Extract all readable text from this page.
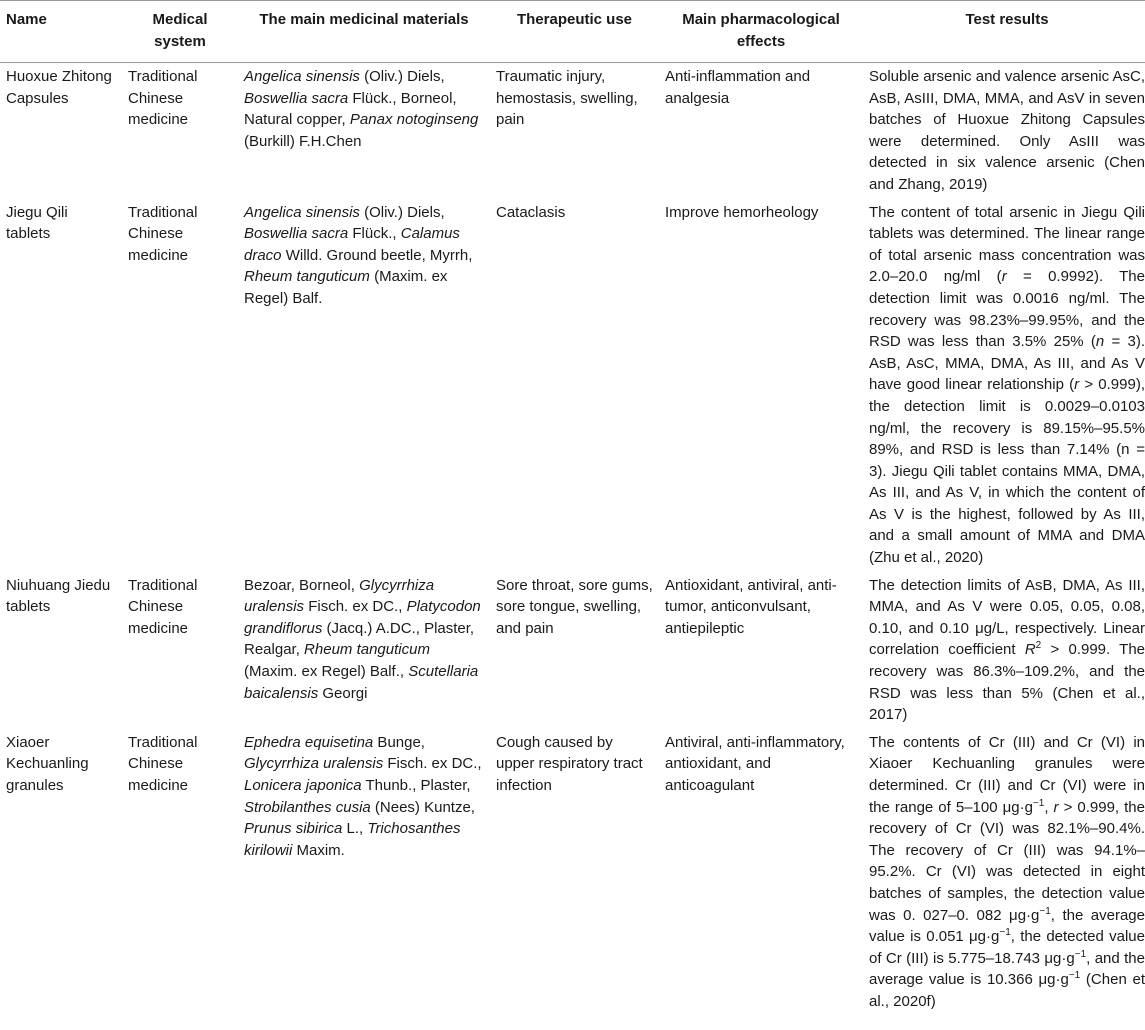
Name	Medical system	The main medicinal materials	Therapeutic use	Main pharmacological effects	Test results
Huoxue Zhitong Capsules	Traditional Chinese medicine	Angelica sinensis (Oliv.) Diels, Boswellia sacra Flück., Borneol, Natural copper, Panax notoginseng (Burkill) F.H.Chen	Traumatic injury, hemostasis, swelling, pain	Anti-inflammation and analgesia	Soluble arsenic and valence arsenic AsC, AsB, AsIII, DMA, MMA, and AsV in seven batches of Huoxue Zhitong Capsules were determined. Only AsIII was detected in six valence arsenic (Chen and Zhang, 2019)
Jiegu Qili tablets	Traditional Chinese medicine	Angelica sinensis (Oliv.) Diels, Boswellia sacra Flück., Calamus draco Willd. Ground beetle, Myrrh, Rheum tanguticum (Maxim. ex Regel) Balf.	Cataclasis	Improve hemorheology	The content of total arsenic in Jiegu Qili tablets was determined. The linear range of total arsenic mass concentration was 2.0–20.0 ng/ml (r = 0.9992). The detection limit was 0.0016 ng/ml. The recovery was 98.23%–99.95%, and the RSD was less than 3.5% 25% (n = 3). AsB, AsC, MMA, DMA, As III, and As V have good linear relationship (r > 0.999), the detection limit is 0.0029–0.0103 ng/ml, the recovery is 89.15%–95.5% 89%, and RSD is less than 7.14% (n = 3). Jiegu Qili tablet contains MMA, DMA, As III, and As V, in which the content of As V is the highest, followed by As III, and a small amount of MMA and DMA (Zhu et al., 2020)
Niuhuang Jiedu tablets	Traditional Chinese medicine	Bezoar, Borneol, Glycyrrhiza uralensis Fisch. ex DC., Platycodon grandiflorus (Jacq.) A.DC., Plaster, Realgar, Rheum tanguticum (Maxim. ex Regel) Balf., Scutellaria baicalensis Georgi	Sore throat, sore gums, sore tongue, swelling, and pain	Antioxidant, antiviral, anti-tumor, anticonvulsant, antiepileptic	The detection limits of AsB, DMA, As III, MMA, and As V were 0.05, 0.05, 0.08, 0.10, and 0.10 μg/L, respectively. Linear correlation coefficient $R^2 > 0.999$. The recovery was 86.3%–109.2%, and the RSD was less than 5% (Chen et al., 2017)
Xiaoer Kechuanling granules	Traditional Chinese medicine	Ephedra equisetina Bunge, Glycyrrhiza uralensis Fisch. ex DC., Lonicera japonica Thunb., Plaster, Strobilanthes cusia (Nees) Kuntze, Prunus sibirica L., Trichosanthes kirilowii Maxim.	Cough caused by upper respiratory tract infection	Antiviral, anti-inflammatory, antioxidant, and anticoagulant	The contents of Cr (III) and Cr (VI) in Xiaoer Kechuanling granules were determined. Cr (III) and Cr (VI) were in the range of 5–100 $\mu g\cdot g^{-1}$, r > 0.999, the recovery of Cr (VI) was 82.1%–90.4%. The recovery of Cr (III) was 94.1%–95.2%. Cr (VI) was detected in eight batches of samples, the detection value was 0. 027–0. 082 $\mu g\cdot g^{-1}$, the average value is 0.051 $\mu g\cdot g^{-1}$, the detected value of Cr (III) is 5.775–18.743 $\mu g\cdot g^{-1}$, and the average value is 10.366 $\mu g\cdot g^{-1}$ (Chen et al., 2020f)
